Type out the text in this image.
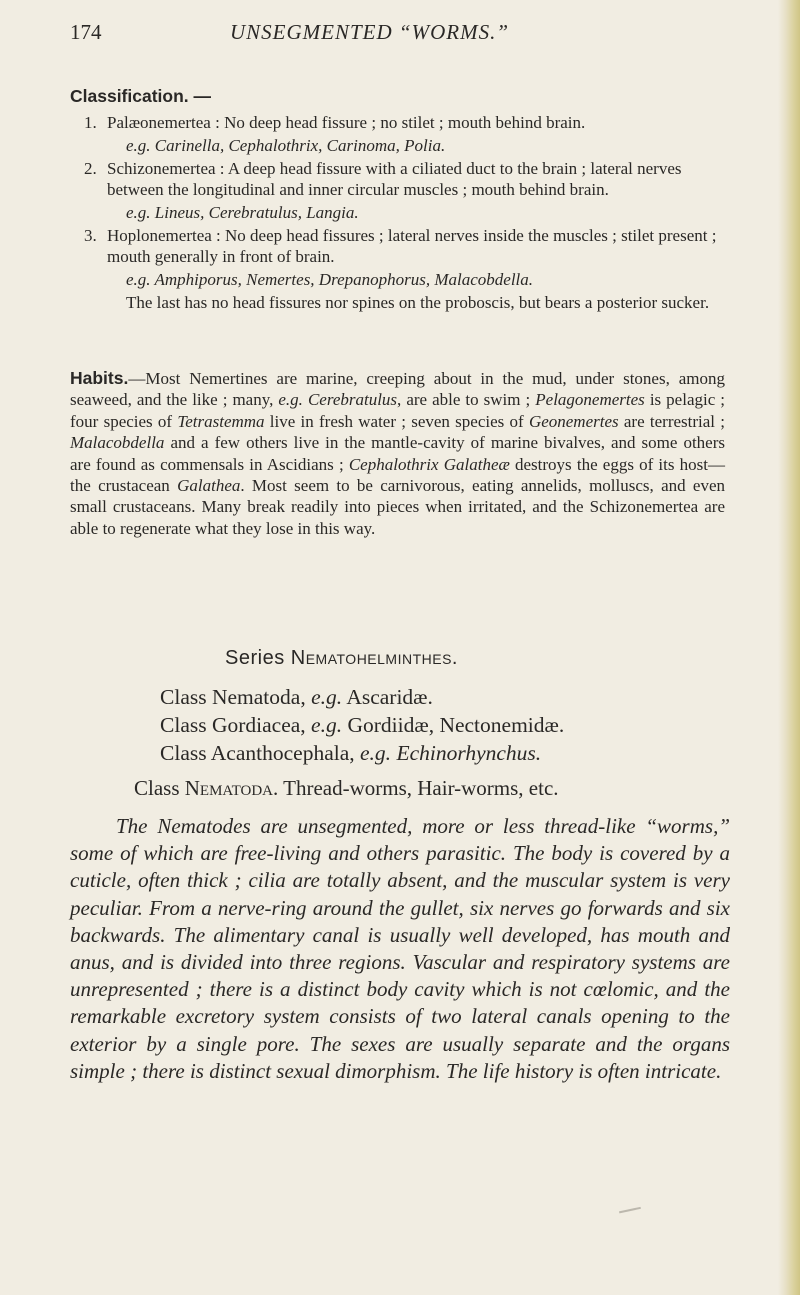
174	UNSEGMENTED “WORMS.”
Classification. —
1. Palæonemertea : No deep head fissure ; no stilet ; mouth behind brain.
e.g. Carinella, Cephalothrix, Carinoma, Polia.
2. Schizonemertea : A deep head fissure with a ciliated duct to the brain ; lateral nerves between the longitudinal and inner circular muscles ; mouth behind brain.
e.g. Lineus, Cerebratulus, Langia.
3. Hoplonemertea : No deep head fissures ; lateral nerves inside the muscles ; stilet present ; mouth generally in front of brain.
e.g. Amphiporus, Nemertes, Drepanophorus, Malacobdella.
The last has no head fissures nor spines on the proboscis, but bears a posterior sucker.
Habits.—Most Nemertines are marine, creeping about in the mud, under stones, among seaweed, and the like ; many, e.g. Cerebratulus, are able to swim ; Pelagonemertes is pelagic ; four species of Tetrastemma live in fresh water ; seven species of Geonemertes are terrestrial ; Malacobdella and a few others live in the mantle-cavity of marine bivalves, and some others are found as commensals in Ascidians ; Cephalothrix Galatheæ destroys the eggs of its host—the crustacean Galathea. Most seem to be carnivorous, eating annelids, molluscs, and even small crustaceans. Many break readily into pieces when irritated, and the Schizonemertea are able to regenerate what they lose in this way.
Series Nematohelminthes.
Class Nematoda, e.g. Ascaridæ.
Class Gordiacea, e.g. Gordiidæ, Nectonemidæ.
Class Acanthocephala, e.g. Echinorhynchus.
Class Nematoda. Thread-worms, Hair-worms, etc.
The Nematodes are unsegmented, more or less thread-like “worms,” some of which are free-living and others parasitic. The body is covered by a cuticle, often thick ; cilia are totally absent, and the muscular system is very peculiar. From a nerve-ring around the gullet, six nerves go forwards and six backwards. The alimentary canal is usually well developed, has mouth and anus, and is divided into three regions. Vascular and respiratory systems are unrepresented ; there is a distinct body cavity which is not cœlomic, and the remarkable excretory system consists of two lateral canals opening to the exterior by a single pore. The sexes are usually separate and the organs simple ; there is distinct sexual dimorphism. The life history is often intricate.
